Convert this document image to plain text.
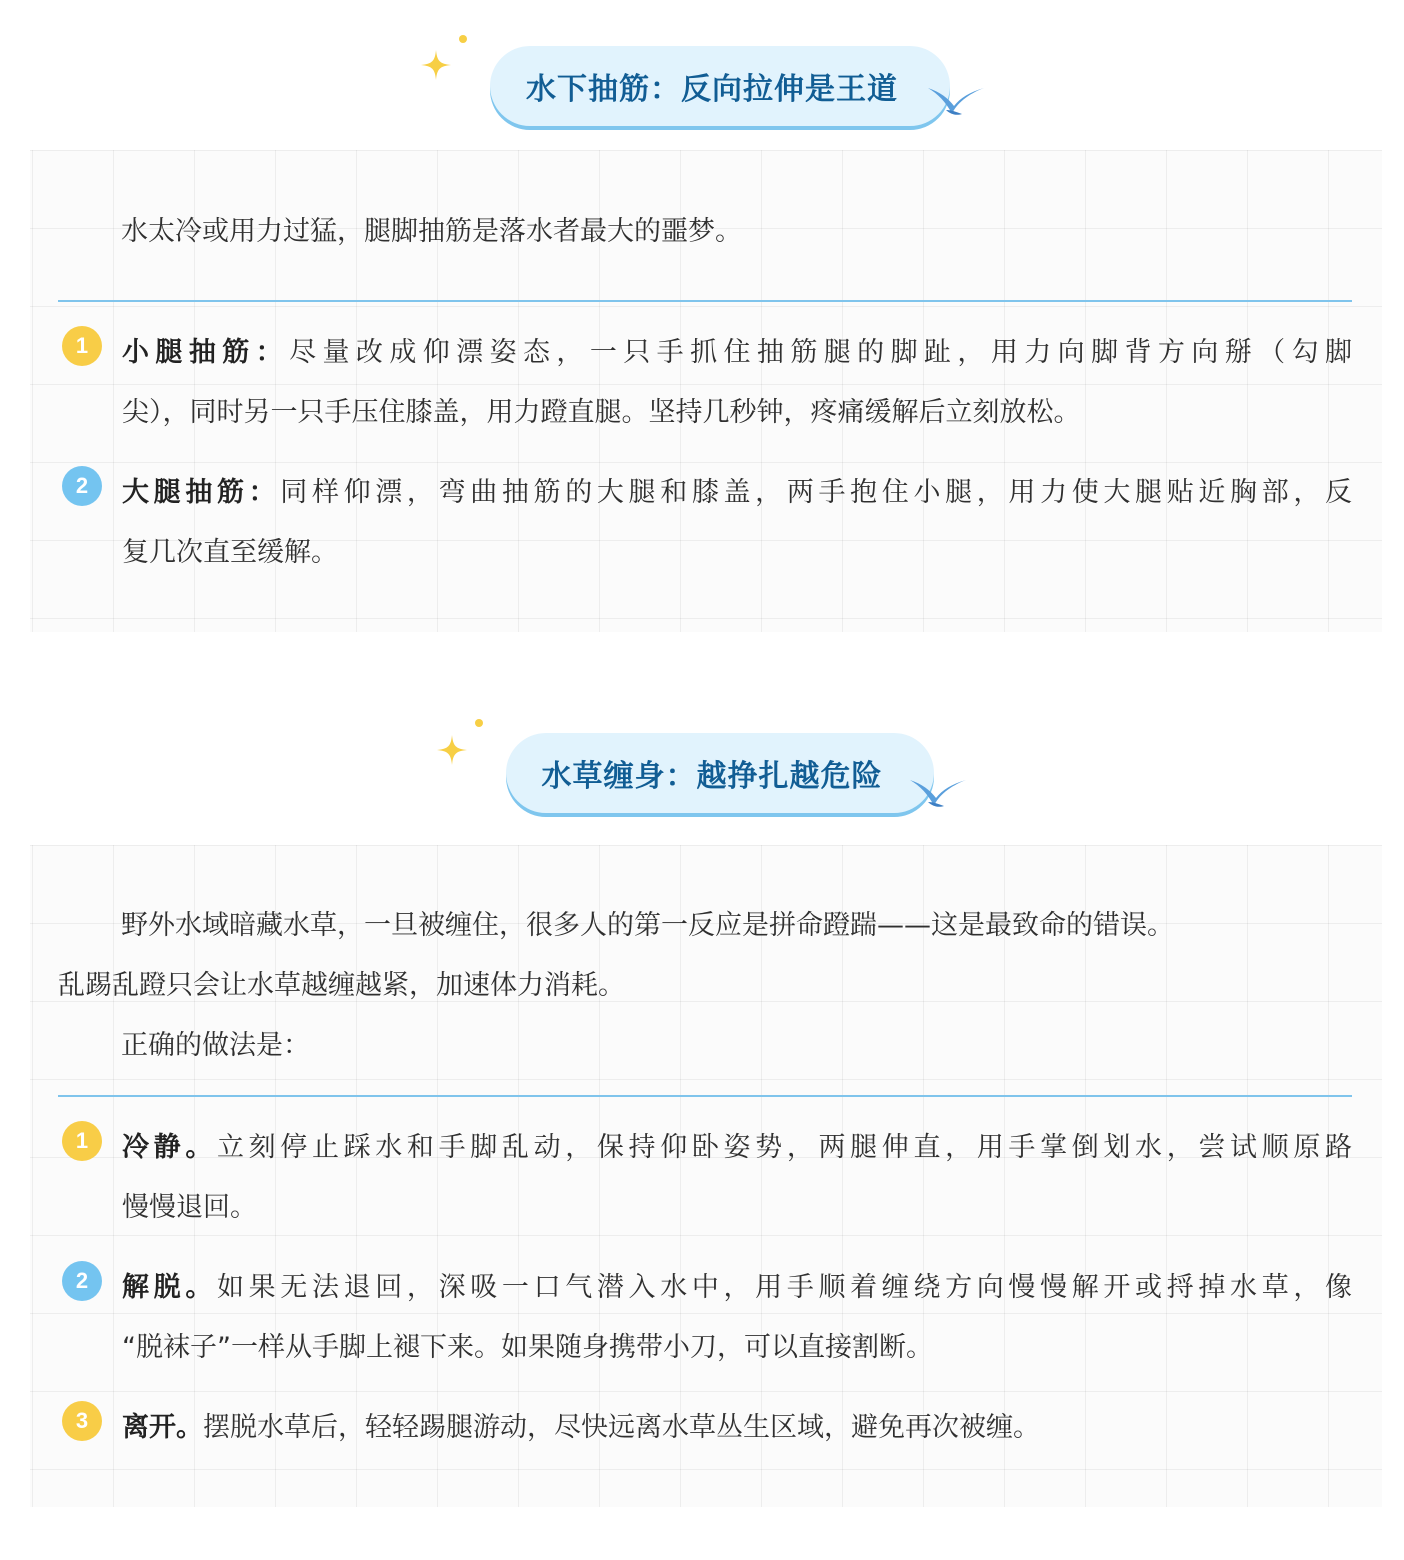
水下抽筋：反向拉伸是王道
水太冷或用力过猛，腿脚抽筋是落水者最大的噩梦。
1	小腿抽筋：尽量改成仰漂姿态，一只手抓住抽筋腿的脚趾，用力向脚背方向掰（勾脚
尖），同时另一只手压住膝盖，用力蹬直腿。坚持几秒钟，疼痛缓解后立刻放松。
2	大腿抽筋：同样仰漂，弯曲抽筋的大腿和膝盖，两手抱住小腿，用力使大腿贴近胸部，反
复几次直至缓解。
水草缠身：越挣扎越危险
野外水域暗藏水草，一旦被缠住，很多人的第一反应是拼命蹬踹——这是最致命的错误。
乱踢乱蹬只会让水草越缠越紧，加速体力消耗。
正确的做法是：
1	冷静。立刻停止踩水和手脚乱动，保持仰卧姿势，两腿伸直，用手掌倒划水，尝试顺原路
慢慢退回。
2	解脱。如果无法退回，深吸一口气潜入水中，用手顺着缠绕方向慢慢解开或捋掉水草，像
“脱袜子”一样从手脚上褪下来。如果随身携带小刀，可以直接割断。
3	离开。摆脱水草后，轻轻踢腿游动，尽快远离水草丛生区域，避免再次被缠。
